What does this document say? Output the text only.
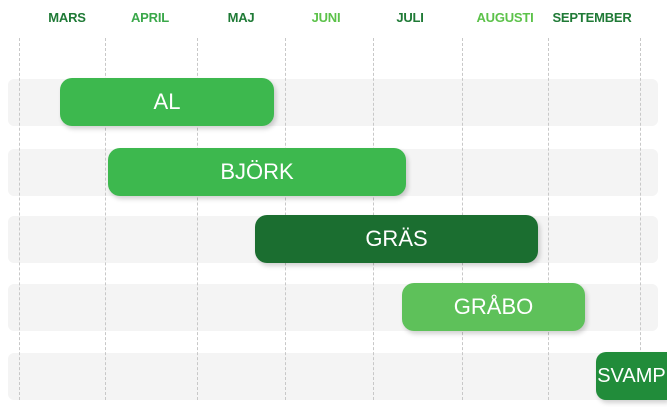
MARS	APRIL	MAJ	JUNI	JULI	AUGUSTI SEPTEMBER
AL
BJÖRK
GRÄS
GRÅBO
SVAMP
